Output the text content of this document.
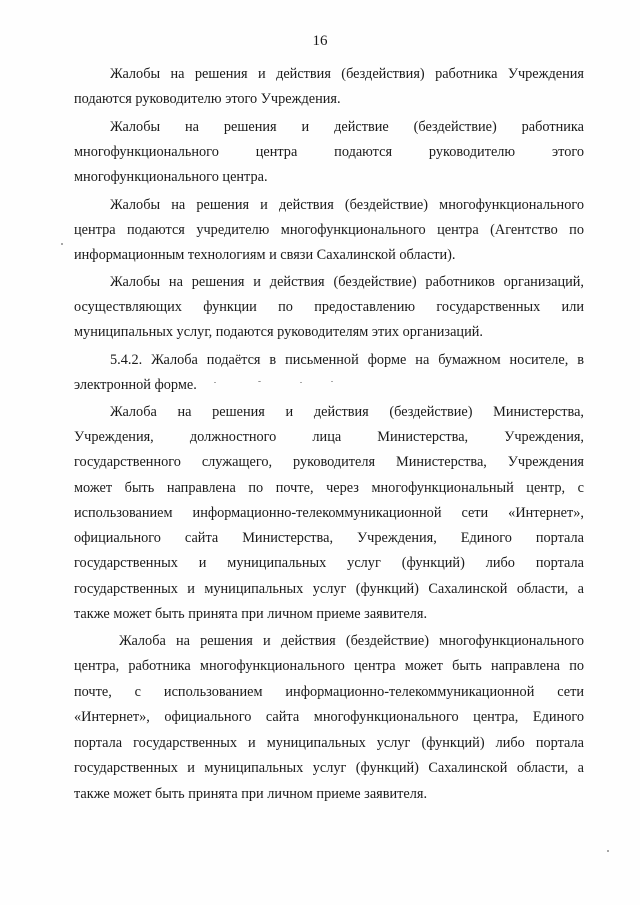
16
Жалобы на решения и действия (бездействия) работника Учреждения
подаются руководителю этого Учреждения.
Жалобы на решения и действие (бездействие) работника
многофункционального центра подаются руководителю этого
многофункционального центра.
Жалобы на решения и действия (бездействие) многофункционального
центра подаются учредителю многофункционального центра (Агентство по
информационным технологиям и связи Сахалинской области).
Жалобы на решения и действия (бездействие) работников организаций,
осуществляющих функции по предоставлению государственных или
муниципальных услуг, подаются руководителям этих организаций.
5.4.2. Жалоба подаётся в письменной форме на бумажном носителе, в
электронной форме.
Жалоба на решения и действия (бездействие) Министерства,
Учреждения, должностного лица Министерства, Учреждения,
государственного служащего, руководителя Министерства, Учреждения
может быть направлена по почте, через многофункциональный центр, с
использованием информационно-телекоммуникационной сети «Интернет»,
официального сайта Министерства, Учреждения, Единого портала
государственных и муниципальных услуг (функций) либо портала
государственных и муниципальных услуг (функций) Сахалинской области, а
также может быть принята при личном приеме заявителя.
Жалоба на решения и действия (бездействие) многофункционального
центра, работника многофункционального центра может быть направлена по
почте, с использованием информационно-телекоммуникационной сети
«Интернет», официального сайта многофункционального центра, Единого
портала государственных и муниципальных услуг (функций) либо портала
государственных и муниципальных услуг (функций) Сахалинской области, а
также может быть принята при личном приеме заявителя.
